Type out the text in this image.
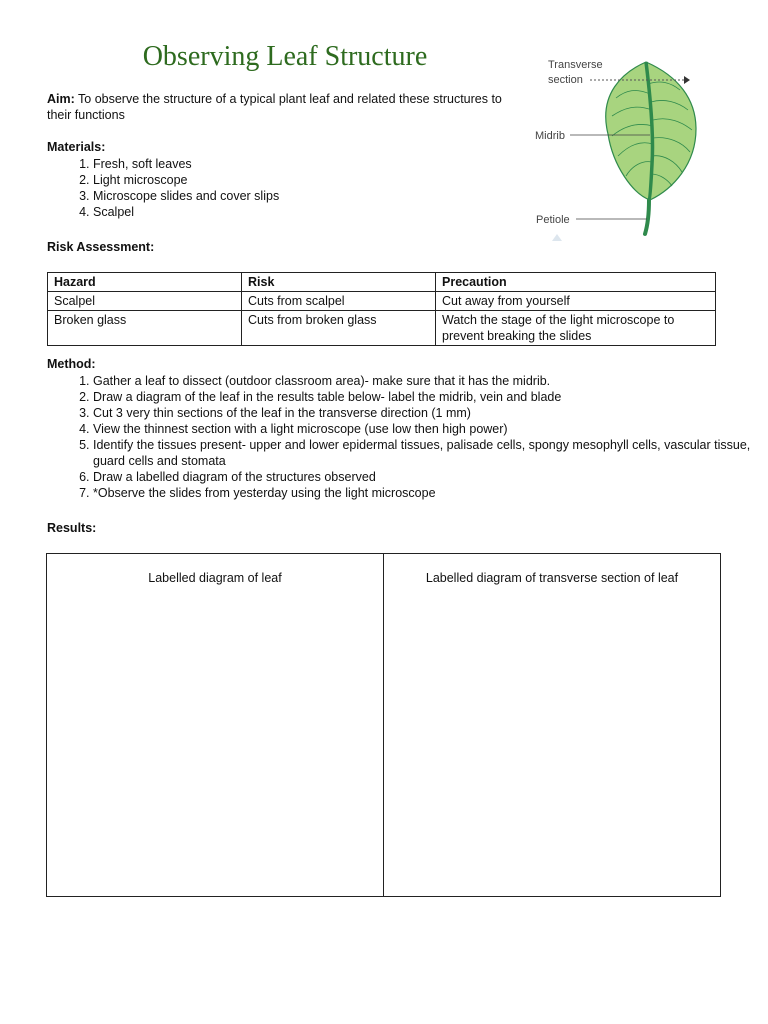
Observing Leaf Structure

Aim: To observe the structure of a typical plant leaf and related these structures to their functions

Materials:

1. Fresh, soft leaves
2. Light microscope
3. Microscope slides and cover slips
4. Scalpel

Risk Assessment:

Hazard	Risk	Precaution
Scalpel	Cuts from scalpel	Cut away from yourself
Broken glass	Cuts from broken glass	Watch the stage of the light microscope to prevent breaking the slides

Method:

1. Gather a leaf to dissect (outdoor classroom area)- make sure that it has the midrib.
2. Draw a diagram of the leaf in the results table below- label the midrib, vein and blade
3. Cut 3 very thin sections of the leaf in the transverse direction (1 mm)
4. View the thinnest section with a light microscope (use low then high power)
5. Identify the tissues present- upper and lower epidermal tissues, palisade cells, spongy mesophyll cells, vascular tissue, guard cells and stomata
6. Draw a labelled diagram of the structures observed
7. *Observe the slides from yesterday using the light microscope

Results:

Labelled diagram of leaf	Labelled diagram of transverse section of leaf
Transverse
section
Midrib
Petiole
